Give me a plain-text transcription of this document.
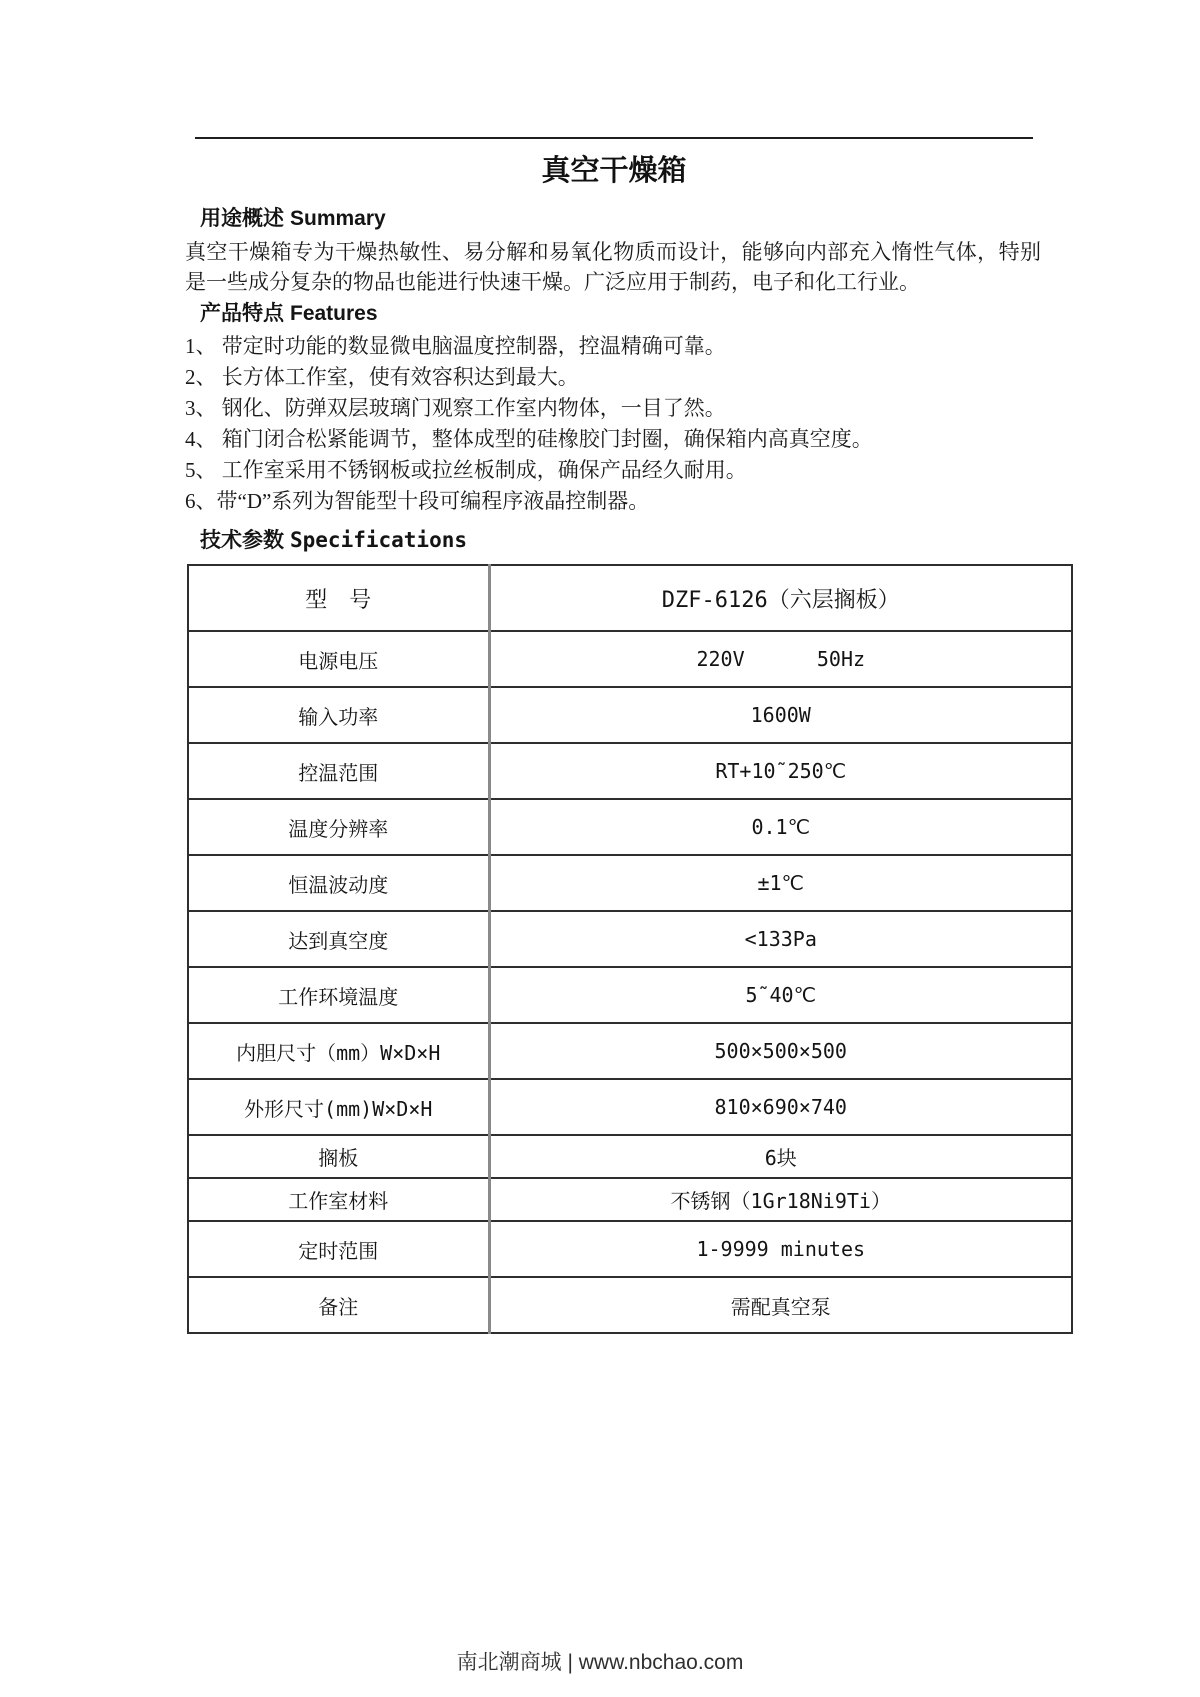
真空干燥箱
用途概述 Summary

真空干燥箱专为干燥热敏性、易分解和易氧化物质而设计，能够向内部充入惰性气体，特别是一些成分复杂的物品也能进行快速干燥。广泛应用于制药，电子和化工行业。

产品特点 Features
1、 带定时功能的数显微电脑温度控制器，控温精确可靠。
2、 长方体工作室，使有效容积达到最大。
3、 钢化、防弹双层玻璃门观察工作室内物体，一目了然。
4、 箱门闭合松紧能调节，整体成型的硅橡胶门封圈，确保箱内高真空度。
5、 工作室采用不锈钢板或拉丝板制成，确保产品经久耐用。
6、带“D”系列为智能型十段可编程序液晶控制器。
技术参数 Specifications
型　号	DZF-6126（六层搁板）
电源电压	220V      50Hz
输入功率	1600W
控温范围	RT+10˜250℃
温度分辨率	0.1℃
恒温波动度	±1℃
达到真空度	<133Pa
工作环境温度	5˜40℃
内胆尺寸（mm）W×D×H	500×500×500
外形尺寸(mm)W×D×H	810×690×740
搁板	6块
工作室材料	不锈钢（1Gr18Ni9Ti）
定时范围	1-9999 minutes
备注	需配真空泵
南北潮商城 | www.nbchao.com
